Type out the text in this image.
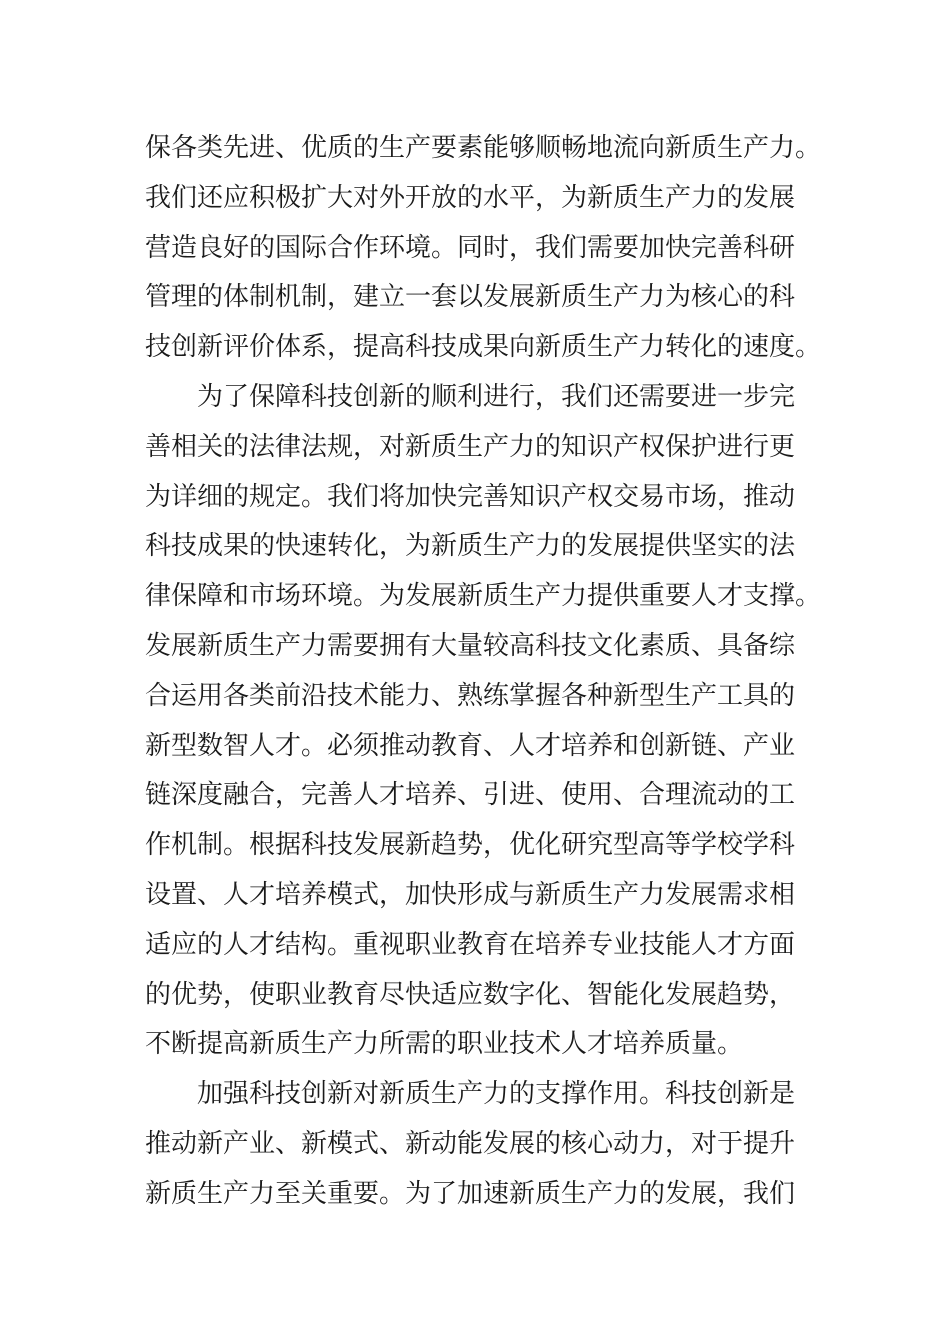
保各类先进、优质的生产要素能够顺畅地流向新质生产力。
我们还应积极扩大对外开放的水平，为新质生产力的发展
营造良好的国际合作环境。同时，我们需要加快完善科研
管理的体制机制，建立一套以发展新质生产力为核心的科
技创新评价体系，提高科技成果向新质生产力转化的速度。
为了保障科技创新的顺利进行，我们还需要进一步完
善相关的法律法规，对新质生产力的知识产权保护进行更
为详细的规定。我们将加快完善知识产权交易市场，推动
科技成果的快速转化，为新质生产力的发展提供坚实的法
律保障和市场环境。为发展新质生产力提供重要人才支撑。
发展新质生产力需要拥有大量较高科技文化素质、具备综
合运用各类前沿技术能力、熟练掌握各种新型生产工具的
新型数智人才。必须推动教育、人才培养和创新链、产业
链深度融合，完善人才培养、引进、使用、合理流动的工
作机制。根据科技发展新趋势，优化研究型高等学校学科
设置、人才培养模式，加快形成与新质生产力发展需求相
适应的人才结构。重视职业教育在培养专业技能人才方面
的优势，使职业教育尽快适应数字化、智能化发展趋势，
不断提高新质生产力所需的职业技术人才培养质量。
加强科技创新对新质生产力的支撑作用。科技创新是
推动新产业、新模式、新动能发展的核心动力，对于提升
新质生产力至关重要。为了加速新质生产力的发展，我们
